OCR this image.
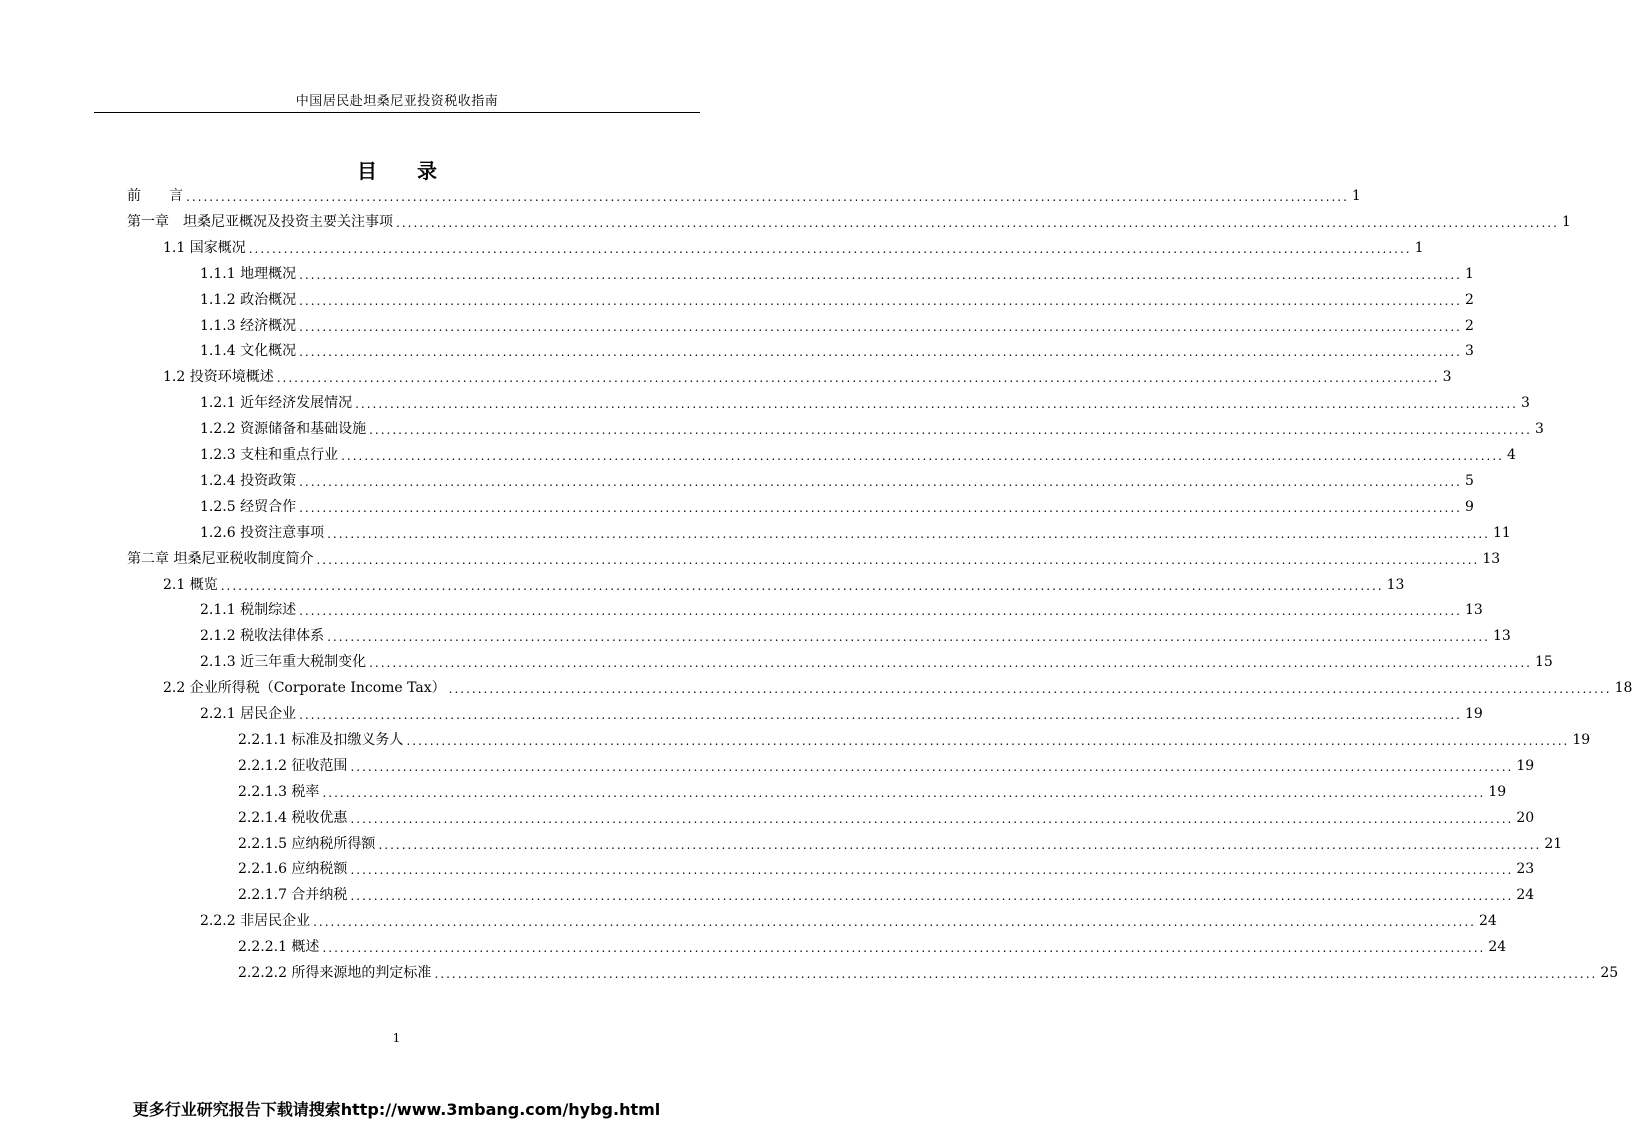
中国居民赴坦桑尼亚投资税收指南
目 录
前　　言 ........................................................................................................................................................................................................ 1
第一章　坦桑尼亚概况及投资主要关注事项 ........................................................................................................................................................................................................ 1
1.1 国家概况 ........................................................................................................................................................................................................ 1
1.1.1 地理概况 ........................................................................................................................................................................................................ 1
1.1.2 政治概况 ........................................................................................................................................................................................................ 2
1.1.3 经济概况 ........................................................................................................................................................................................................ 2
1.1.4 文化概况 ........................................................................................................................................................................................................ 3
1.2 投资环境概述 ........................................................................................................................................................................................................ 3
1.2.1 近年经济发展情况 ........................................................................................................................................................................................................ 3
1.2.2 资源储备和基础设施 ........................................................................................................................................................................................................ 3
1.2.3 支柱和重点行业 ........................................................................................................................................................................................................ 4
1.2.4 投资政策 ........................................................................................................................................................................................................ 5
1.2.5 经贸合作 ........................................................................................................................................................................................................ 9
1.2.6 投资注意事项 ........................................................................................................................................................................................................ 11
第二章 坦桑尼亚税收制度简介 ........................................................................................................................................................................................................ 13
2.1 概览 ........................................................................................................................................................................................................ 13
2.1.1 税制综述 ........................................................................................................................................................................................................ 13
2.1.2 税收法律体系 ........................................................................................................................................................................................................ 13
2.1.3 近三年重大税制变化 ........................................................................................................................................................................................................ 15
2.2 企业所得税（Corporate Income Tax） ........................................................................................................................................................................................................ 18
2.2.1 居民企业 ........................................................................................................................................................................................................ 19
2.2.1.1 标准及扣缴义务人 ........................................................................................................................................................................................................ 19
2.2.1.2 征收范围 ........................................................................................................................................................................................................ 19
2.2.1.3 税率 ........................................................................................................................................................................................................ 19
2.2.1.4 税收优惠 ........................................................................................................................................................................................................ 20
2.2.1.5 应纳税所得额 ........................................................................................................................................................................................................ 21
2.2.1.6 应纳税额 ........................................................................................................................................................................................................ 23
2.2.1.7 合并纳税 ........................................................................................................................................................................................................ 24
2.2.2 非居民企业 ........................................................................................................................................................................................................ 24
2.2.2.1 概述 ........................................................................................................................................................................................................ 24
2.2.2.2 所得来源地的判定标准 ........................................................................................................................................................................................................ 25
1
更多行业研究报告下载请搜索http://www.3mbang.com/hybg.html
